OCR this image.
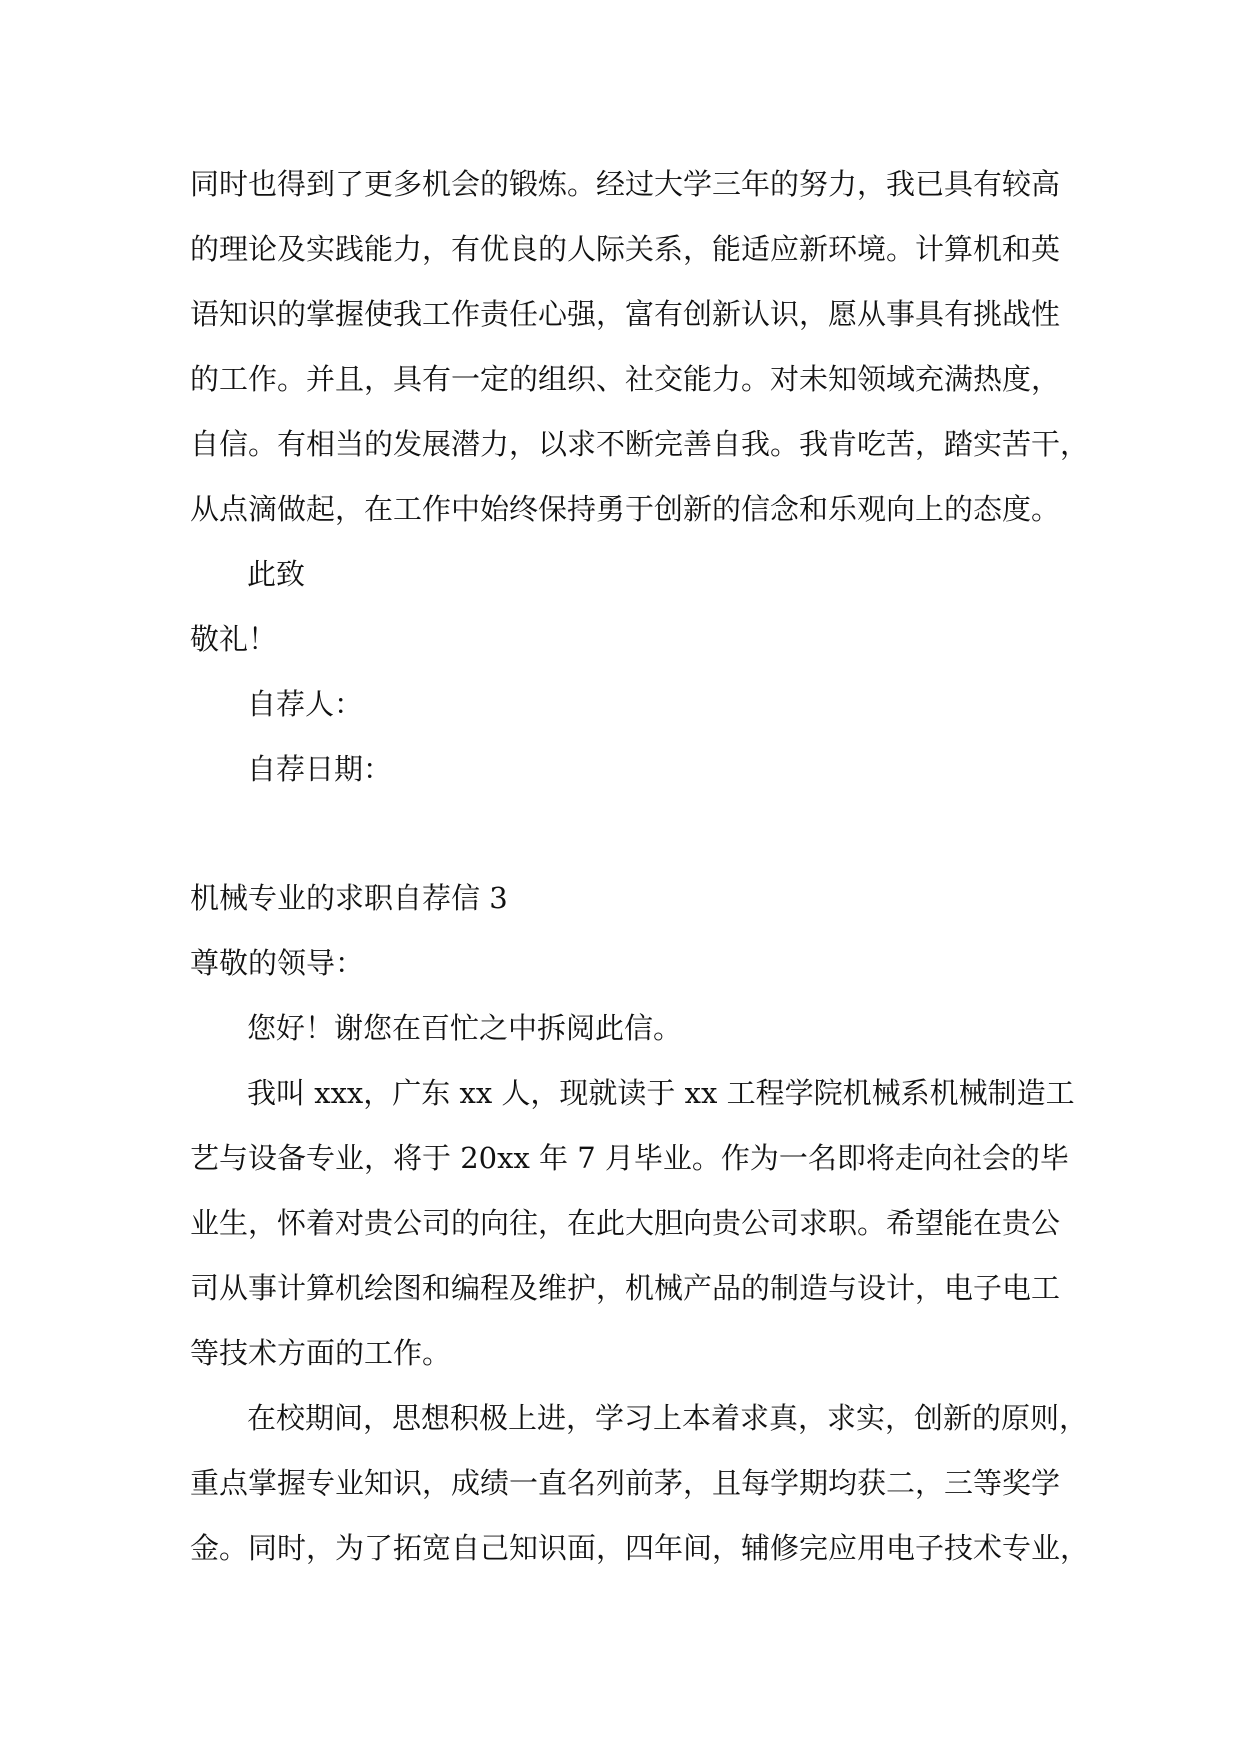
同时也得到了更多机会的锻炼。经过大学三年的努力，我已具有较高

的理论及实践能力，有优良的人际关系，能适应新环境。计算机和英

语知识的掌握使我工作责任心强，富有创新认识，愿从事具有挑战性

的工作。并且，具有一定的组织、社交能力。对未知领域充满热度，

自信。有相当的发展潜力，以求不断完善自我。我肯吃苦，踏实苦干，

从点滴做起，在工作中始终保持勇于创新的信念和乐观向上的态度。

此致

敬礼！

自荐人：

自荐日期：

机械专业的求职自荐信 3

尊敬的领导：

您好！谢您在百忙之中拆阅此信。

我叫 xxx，广东 xx 人，现就读于 xx 工程学院机械系机械制造工

艺与设备专业，将于 20xx 年 7 月毕业。作为一名即将走向社会的毕

业生，怀着对贵公司的向往，在此大胆向贵公司求职。希望能在贵公

司从事计算机绘图和编程及维护，机械产品的制造与设计，电子电工

等技术方面的工作。

在校期间，思想积极上进，学习上本着求真，求实，创新的原则，

重点掌握专业知识，成绩一直名列前茅，且每学期均获二，三等奖学

金。同时，为了拓宽自己知识面，四年间，辅修完应用电子技术专业，
